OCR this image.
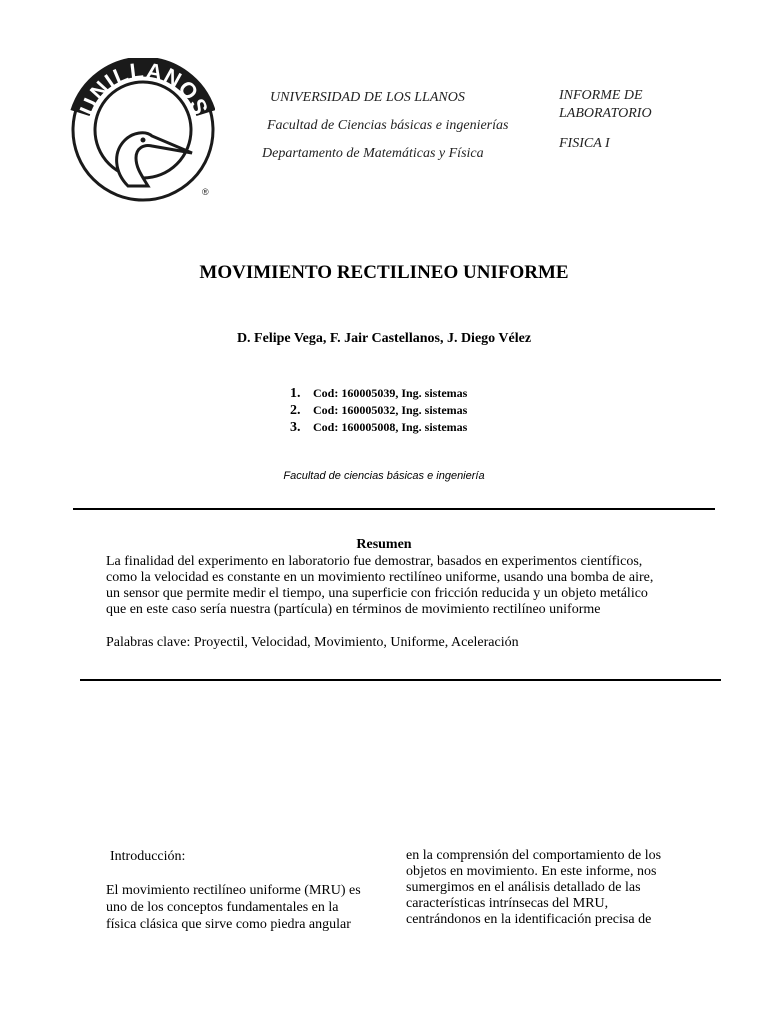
UNILLANOS
®
UNIVERSIDAD DE LOS LLANOS
Facultad de Ciencias básicas e ingenierías
Departamento de Matemáticas y Física
INFORME DE LABORATORIO
FISICA I
MOVIMIENTO RECTILINEO UNIFORME
D. Felipe Vega, F. Jair Castellanos, J. Diego Vélez
1.	Cod: 160005039, Ing. sistemas
2.	Cod: 160005032, Ing. sistemas
3.	Cod: 160005008, Ing. sistemas
Facultad de ciencias básicas e ingeniería
Resumen
La finalidad del experimento en laboratorio fue demostrar, basados en experimentos científicos,
como la velocidad es constante en un movimiento rectilíneo uniforme, usando una bomba de aire,
un sensor que permite medir el tiempo, una superficie con fricción reducida y un objeto metálico
que en este caso sería nuestra (partícula) en términos de movimiento rectilíneo uniforme
Palabras clave: Proyectil, Velocidad, Movimiento, Uniforme, Aceleración
Introducción:
El movimiento rectilíneo uniforme (MRU) es
uno de los conceptos fundamentales en la
física clásica que sirve como piedra angular
en la comprensión del comportamiento de los
objetos en movimiento. En este informe, nos
sumergimos en el análisis detallado de las
características intrínsecas del MRU,
centrándonos en la identificación precisa de
